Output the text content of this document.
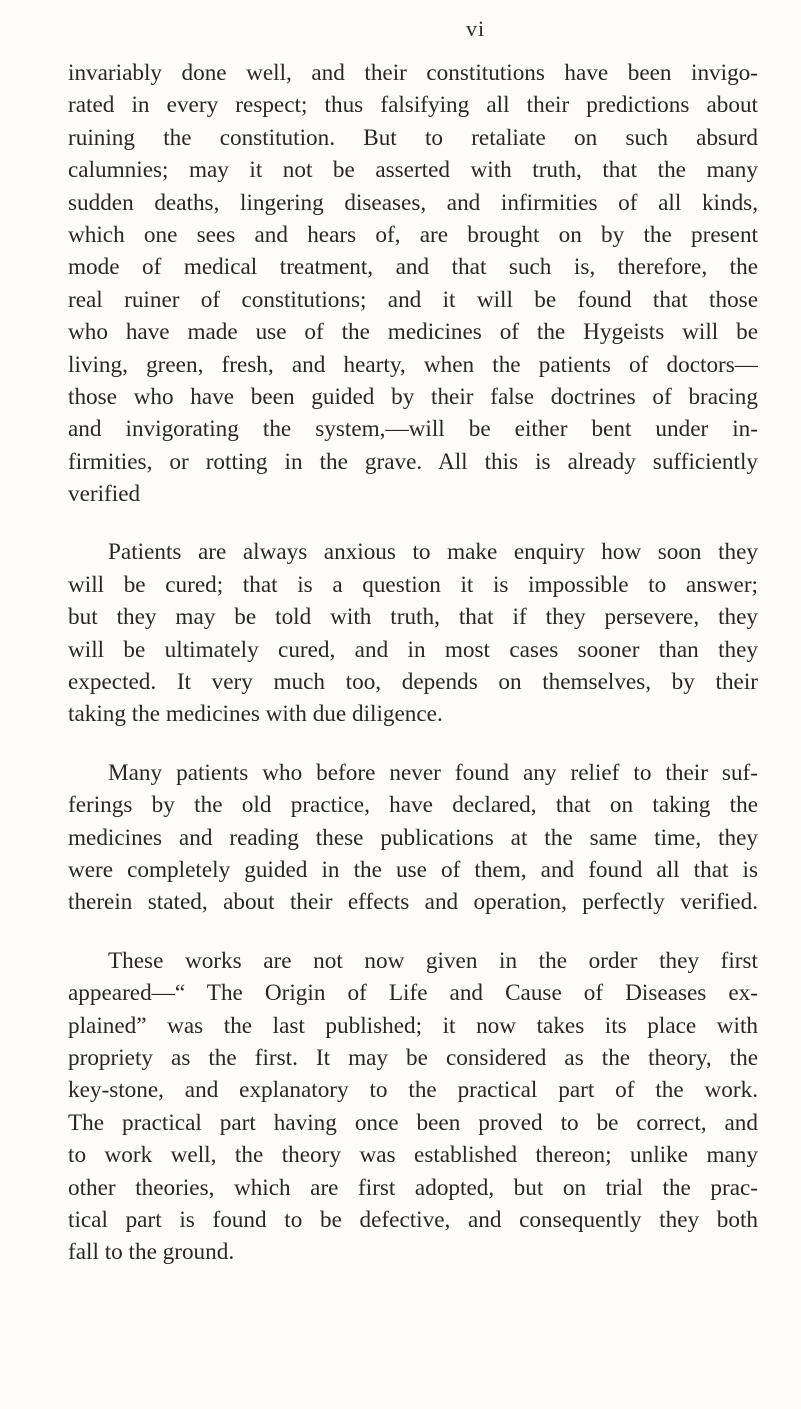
vi
invariably done well, and their constitutions have been invigo-
rated in every respect; thus falsifying all their predictions about
ruining the constitution. But to retaliate on such absurd
calumnies; may it not be asserted with truth, that the many
sudden deaths, lingering diseases, and infirmities of all kinds,
which one sees and hears of, are brought on by the present
mode of medical treatment, and that such is, therefore, the
real ruiner of constitutions; and it will be found that those
who have made use of the medicines of the Hygeists will be
living, green, fresh, and hearty, when the patients of doctors—
those who have been guided by their false doctrines of bracing
and invigorating the system,—will be either bent under in-
firmities, or rotting in the grave. All this is already sufficiently
verified
Patients are always anxious to make enquiry how soon they
will be cured; that is a question it is impossible to answer;
but they may be told with truth, that if they persevere, they
will be ultimately cured, and in most cases sooner than they
expected. It very much too, depends on themselves, by their
taking the medicines with due diligence.
Many patients who before never found any relief to their suf-
ferings by the old practice, have declared, that on taking the
medicines and reading these publications at the same time, they
were completely guided in the use of them, and found all that is
therein stated, about their effects and operation, perfectly verified.
These works are not now given in the order they first
appeared—“ The Origin of Life and Cause of Diseases ex-
plained” was the last published; it now takes its place with
propriety as the first. It may be considered as the theory, the
key-stone, and explanatory to the practical part of the work.
The practical part having once been proved to be correct, and
to work well, the theory was established thereon; unlike many
other theories, which are first adopted, but on trial the prac-
tical part is found to be defective, and consequently they both
fall to the ground.
